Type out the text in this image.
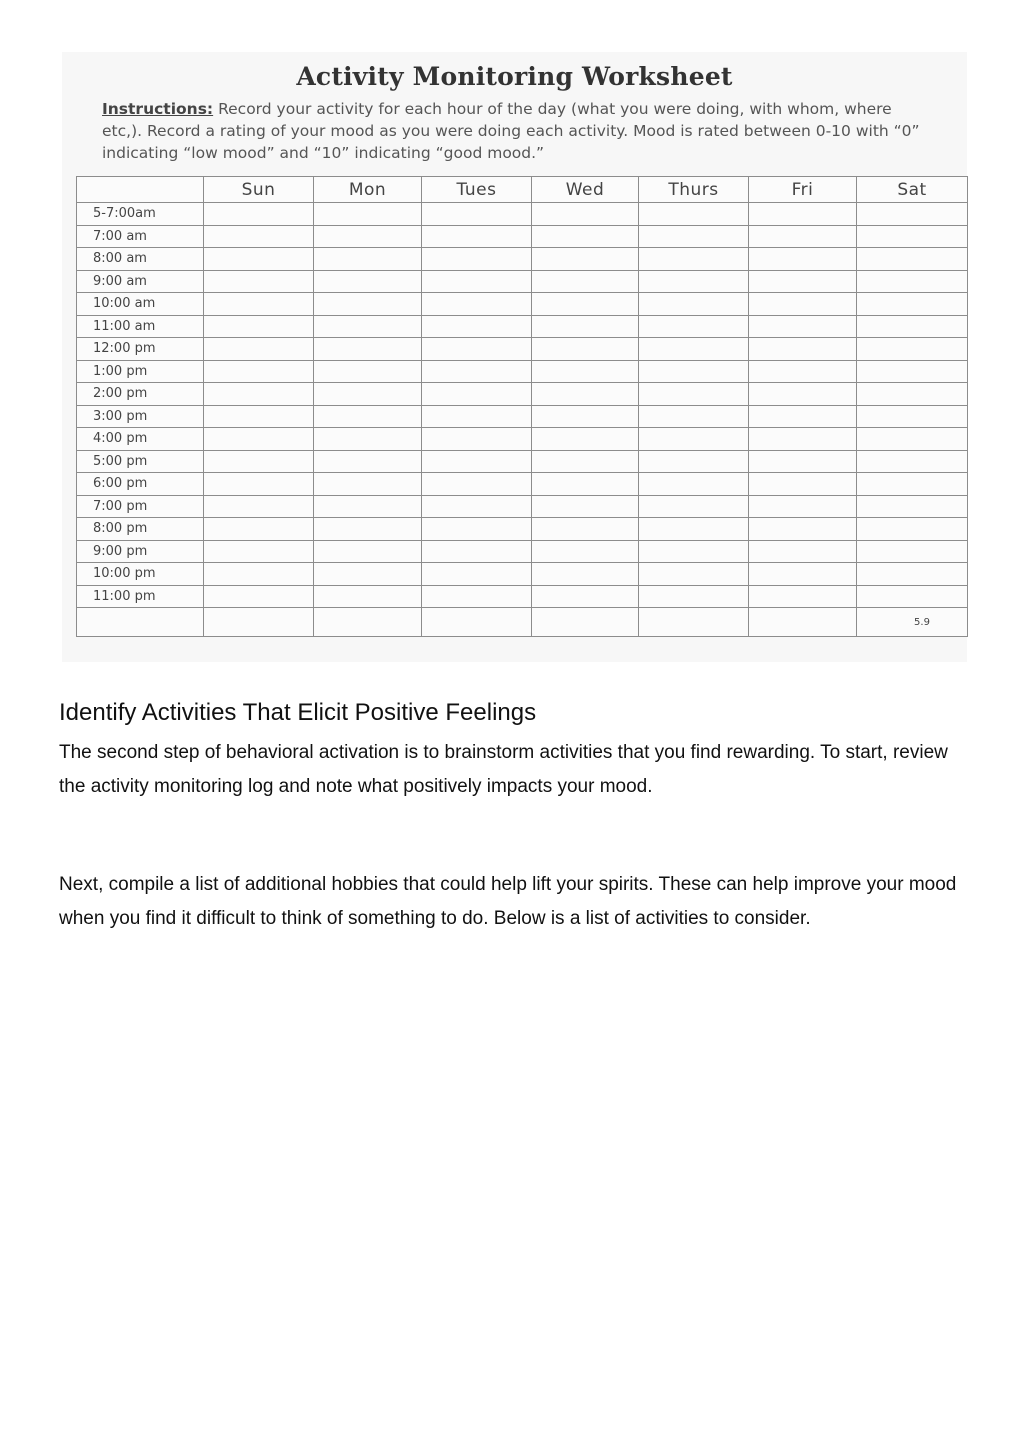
Activity Monitoring Worksheet
Instructions: Record your activity for each hour of the day (what you were doing, with whom, where etc,). Record a rating of your mood as you were doing each activity. Mood is rated between 0-10 with “0” indicating “low mood” and “10” indicating “good mood.”
	Sun	Mon	Tues	Wed	Thurs	Fri	Sat
5-7:00am							
7:00 am							
8:00 am							
9:00 am							
10:00 am							
11:00 am							
12:00 pm							
1:00 pm							
2:00 pm							
3:00 pm							
4:00 pm							
5:00 pm							
6:00 pm							
7:00 pm							
8:00 pm							
9:00 pm							
10:00 pm							
11:00 pm							
							5.9
Identify Activities That Elicit Positive Feelings

The second step of behavioral activation is to brainstorm activities that you find rewarding. To start, review the activity monitoring log and note what positively impacts your mood.

Next, compile a list of additional hobbies that could help lift your spirits. These can help improve your mood when you find it difficult to think of something to do. Below is a list of activities to consider.
